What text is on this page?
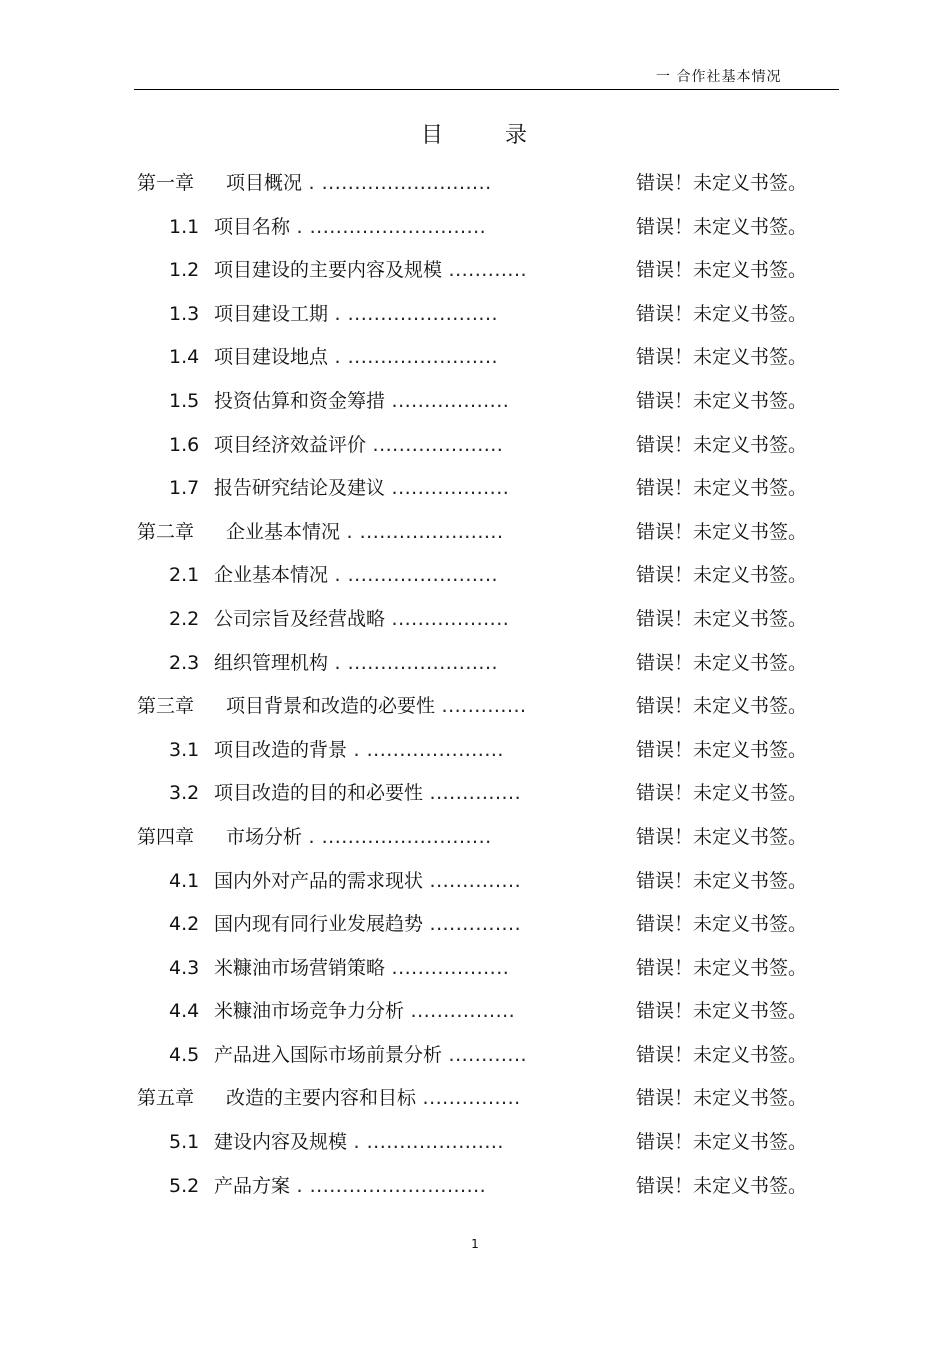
一 合作社基本情况
目	录
第一章 项目概况 . ..........................	错误！未定义书签。
1.1 项目名称 . ...........................	错误！未定义书签。
1.2 项目建设的主要内容及规模 ............	错误！未定义书签。
1.3 项目建设工期 . .......................	错误！未定义书签。
1.4 项目建设地点 . .......................	错误！未定义书签。
1.5 投资估算和资金筹措 ..................	错误！未定义书签。
1.6 项目经济效益评价 ....................	错误！未定义书签。
1.7 报告研究结论及建议 ..................	错误！未定义书签。
第二章 企业基本情况 . ......................	错误！未定义书签。
2.1 企业基本情况 . .......................	错误！未定义书签。
2.2 公司宗旨及经营战略 ..................	错误！未定义书签。
2.3 组织管理机构 . .......................	错误！未定义书签。
第三章 项目背景和改造的必要性 .............	错误！未定义书签。
3.1 项目改造的背景 . .....................	错误！未定义书签。
3.2 项目改造的目的和必要性 ..............	错误！未定义书签。
第四章 市场分析 . ..........................	错误！未定义书签。
4.1 国内外对产品的需求现状 ..............	错误！未定义书签。
4.2 国内现有同行业发展趋势 ..............	错误！未定义书签。
4.3 米糠油市场营销策略 ..................	错误！未定义书签。
4.4 米糠油市场竞争力分析 ................	错误！未定义书签。
4.5 产品进入国际市场前景分析 ............	错误！未定义书签。
第五章 改造的主要内容和目标 ...............	错误！未定义书签。
5.1 建设内容及规模 . .....................	错误！未定义书签。
5.2 产品方案 . ...........................	错误！未定义书签。
1
